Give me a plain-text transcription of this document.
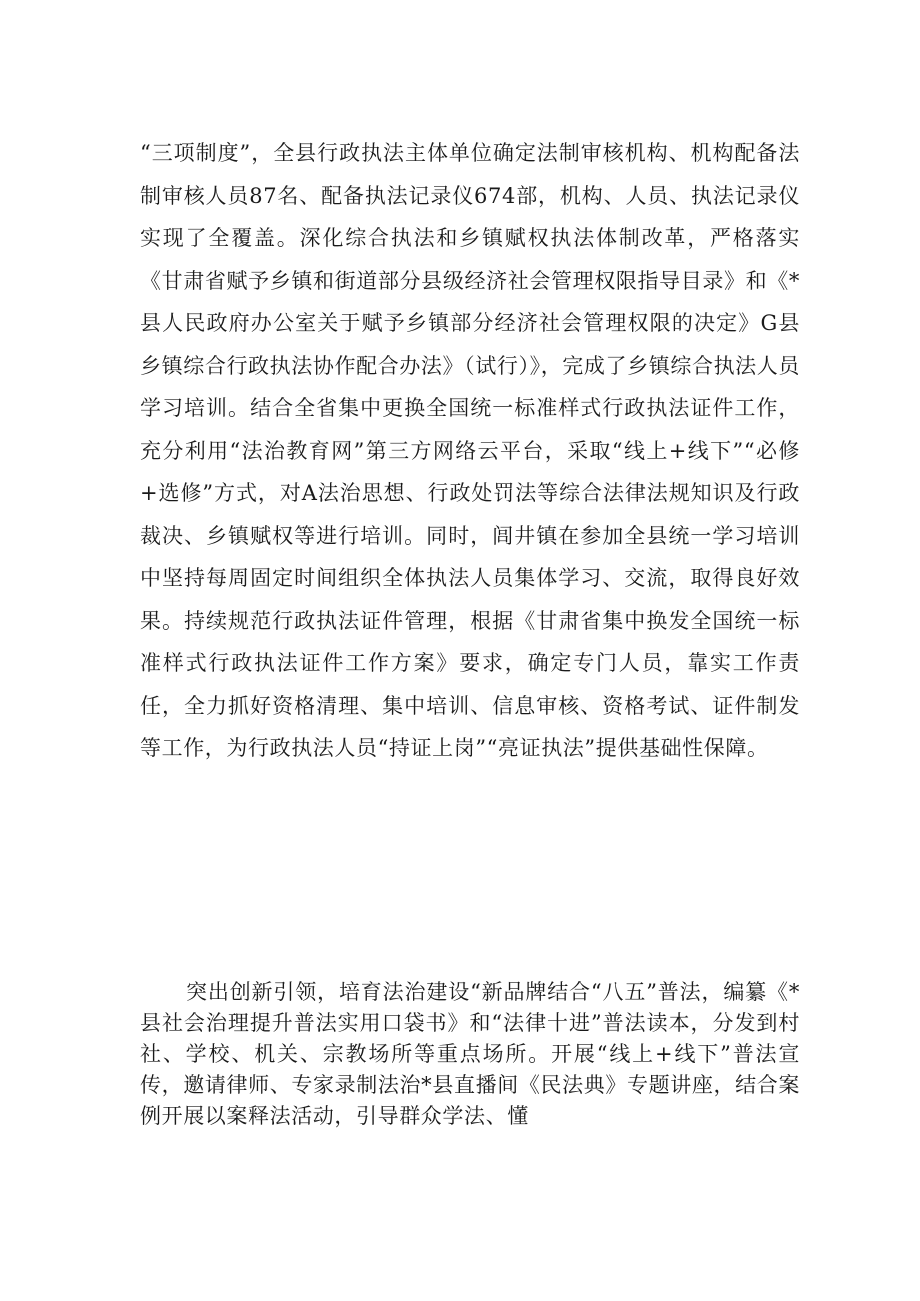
“三项制度”，全县行政执法主体单位确定法制审核机构、机构配备法制审核人员87名、配备执法记录仪674部，机构、人员、执法记录仪实现了全覆盖。深化综合执法和乡镇赋权执法体制改革，严格落实《甘肃省赋予乡镇和街道部分县级经济社会管理权限指导目录》和《*县人民政府办公室关于赋予乡镇部分经济社会管理权限的决定》G县乡镇综合行政执法协作配合办法》（试行）》，完成了乡镇综合执法人员学习培训。结合全省集中更换全国统一标准样式行政执法证件工作，充分利用“法治教育网”第三方网络云平台，采取“线上+线下”“必修+选修”方式，对A法治思想、行政处罚法等综合法律法规知识及行政裁决、乡镇赋权等进行培训。同时，闾井镇在参加全县统一学习培训中坚持每周固定时间组织全体执法人员集体学习、交流，取得良好效果。持续规范行政执法证件管理，根据《甘肃省集中换发全国统一标准样式行政执法证件工作方案》要求，确定专门人员，靠实工作责任，全力抓好资格清理、集中培训、信息审核、资格考试、证件制发等工作，为行政执法人员“持证上岗”“亮证执法”提供基础性保障。

突出创新引领，培育法治建设“新品牌结合“八五”普法，编纂《*县社会治理提升普法实用口袋书》和“法律十进”普法读本，分发到村社、学校、机关、宗教场所等重点场所。开展“线上+线下”普法宣传，邀请律师、专家录制法治*县直播间《民法典》专题讲座，结合案例开展以案释法活动，引导群众学法、懂
